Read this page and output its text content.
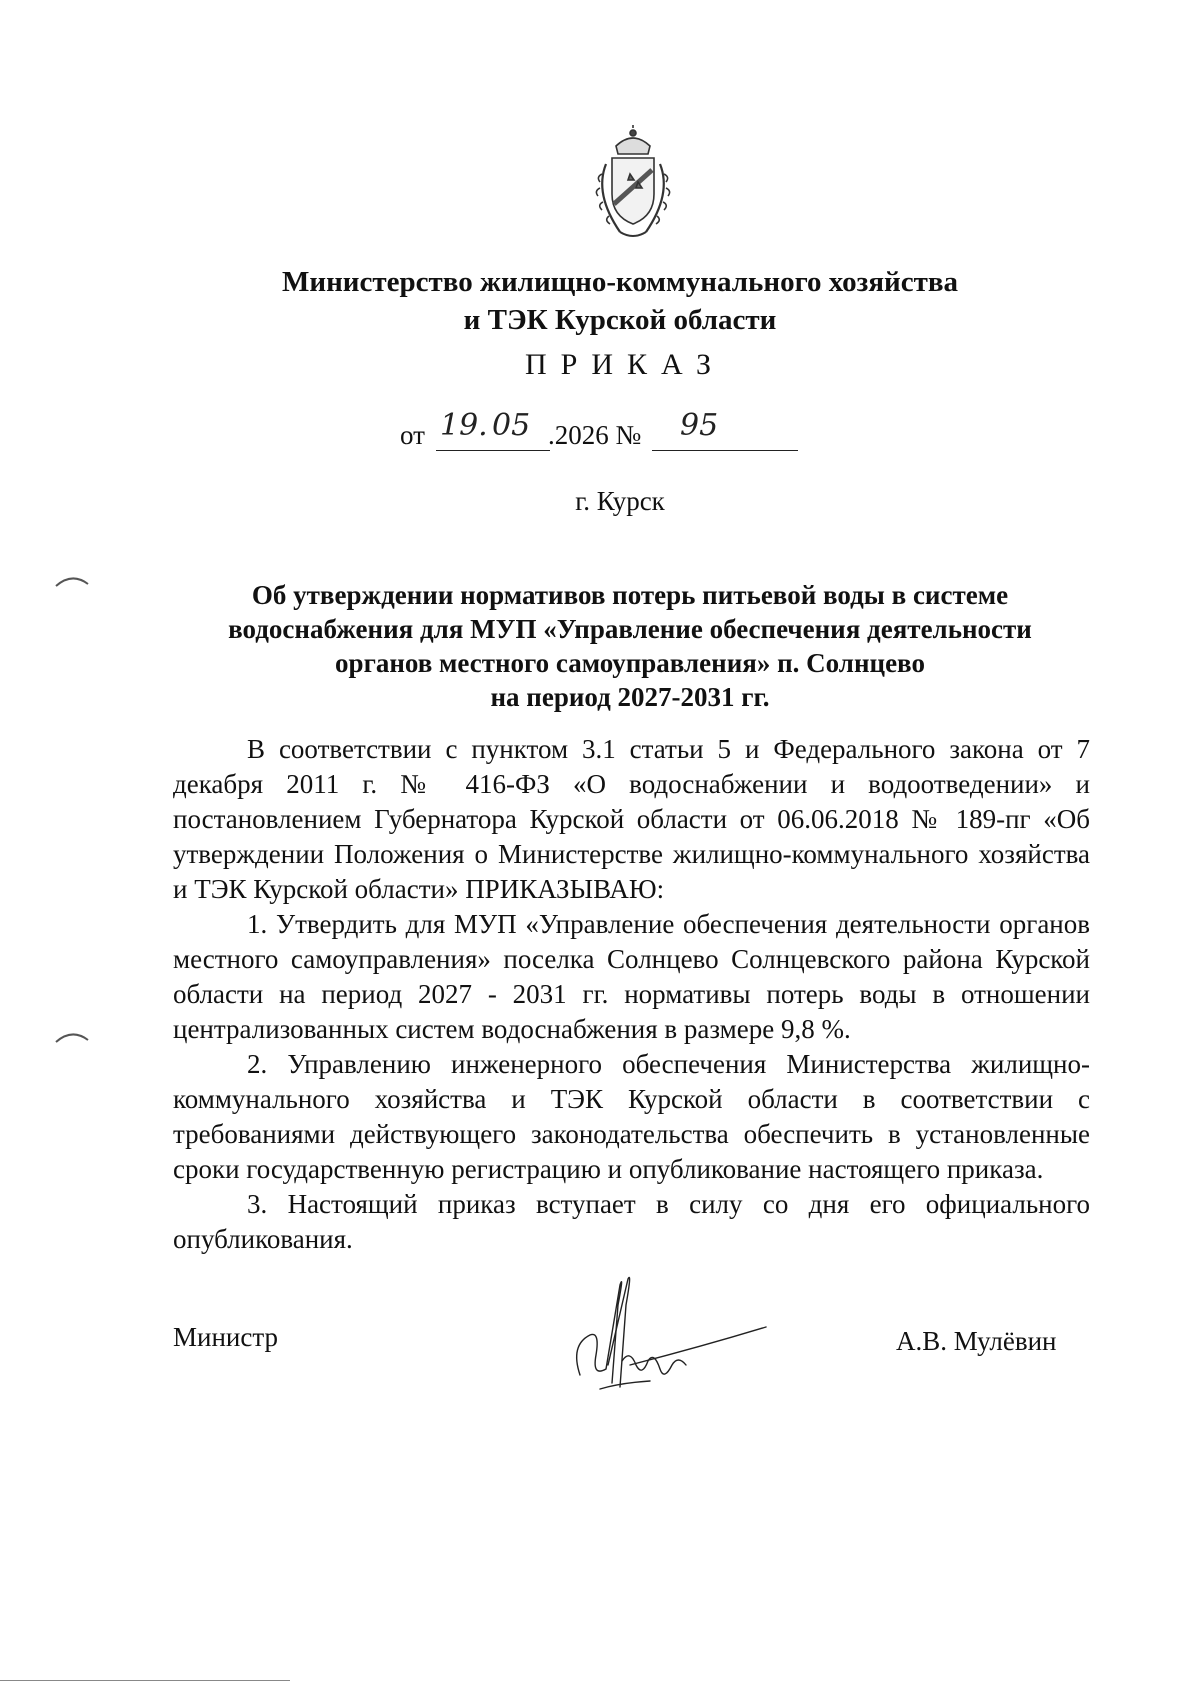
Министерство жилищно-коммунального хозяйства
и ТЭК Курской области
ПРИКАЗ
от 19. 05 .2026 № 95
г. Курск
Об утверждении нормативов потерь питьевой воды в системе
водоснабжения для МУП «Управление обеспечения деятельности
органов местного самоуправления» п. Солнцево
на период 2027-2031 гг.

В соответствии с пунктом 3.1 статьи 5 и Федерального закона от 7 декабря 2011 г. № 416-ФЗ «О водоснабжении и водоотведении» и постановлением Губернатора Курской области от 06.06.2018 № 189-пг «Об утверждении Положения о Министерстве жилищно-коммунального хозяйства и ТЭК Курской области» ПРИКАЗЫВАЮ:

1. Утвердить для МУП «Управление обеспечения деятельности органов местного самоуправления» поселка Солнцево Солнцевского района Курской области на период 2027 - 2031 гг. нормативы потерь воды в отношении централизованных систем водоснабжения в размере 9,8 %.

2. Управлению инженерного обеспечения Министерства жилищно-коммунального хозяйства и ТЭК Курской области в соответствии с требованиями действующего законодательства обеспечить в установленные сроки государственную регистрацию и опубликование настоящего приказа.

3. Настоящий приказ вступает в силу со дня его официального опубликования.

Министр	А.В. Мулёвин
